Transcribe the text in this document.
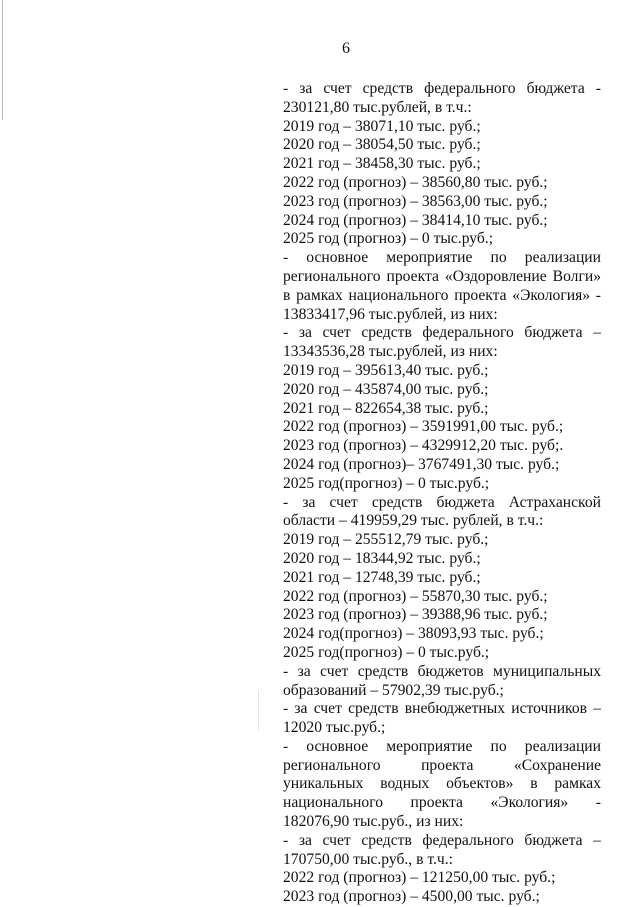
6
- за счет средств федерального бюджета -
230121,80 тыс.рублей, в т.ч.:
2019 год – 38071,10 тыс. руб.;
2020 год – 38054,50 тыс. руб.;
2021 год – 38458,30 тыс. руб.;
2022 год (прогноз) – 38560,80 тыс. руб.;
2023 год (прогноз) – 38563,00 тыс. руб.;
2024 год (прогноз) – 38414,10 тыс. руб.;
2025 год (прогноз) – 0 тыс.руб.;
- основное мероприятие по реализации
регионального проекта «Оздоровление Волги»
в рамках национального проекта «Экология» -
13833417,96 тыс.рублей, из них:
- за счет средств федерального бюджета –
13343536,28 тыс.рублей, из них:
2019 год – 395613,40 тыс. руб.;
2020 год – 435874,00 тыс. руб.;
2021 год – 822654,38 тыс. руб.;
2022 год (прогноз) – 3591991,00 тыс. руб.;
2023 год (прогноз) – 4329912,20 тыс. руб;.
2024 год (прогноз)– 3767491,30 тыс. руб.;
2025 год(прогноз) – 0 тыс.руб.;
- за счет средств бюджета Астраханской
области – 419959,29 тыс. рублей, в т.ч.:
2019 год – 255512,79 тыс. руб.;
2020 год – 18344,92 тыс. руб.;
2021 год – 12748,39 тыс. руб.;
2022 год (прогноз) – 55870,30 тыс. руб.;
2023 год (прогноз) – 39388,96 тыс. руб.;
2024 год(прогноз) – 38093,93 тыс. руб.;
2025 год(прогноз) – 0 тыс.руб.;
- за счет средств бюджетов муниципальных
образований – 57902,39 тыс.руб.;
- за счет средств внебюджетных источников –
12020 тыс.руб.;
- основное мероприятие по реализации
регионального проекта «Сохранение
уникальных водных объектов» в рамках
национального проекта «Экология» -
182076,90 тыс.руб., из них:
- за счет средств федерального бюджета –
170750,00 тыс.руб., в т.ч.:
2022 год (прогноз) – 121250,00 тыс. руб.;
2023 год (прогноз) – 4500,00 тыс. руб.;
